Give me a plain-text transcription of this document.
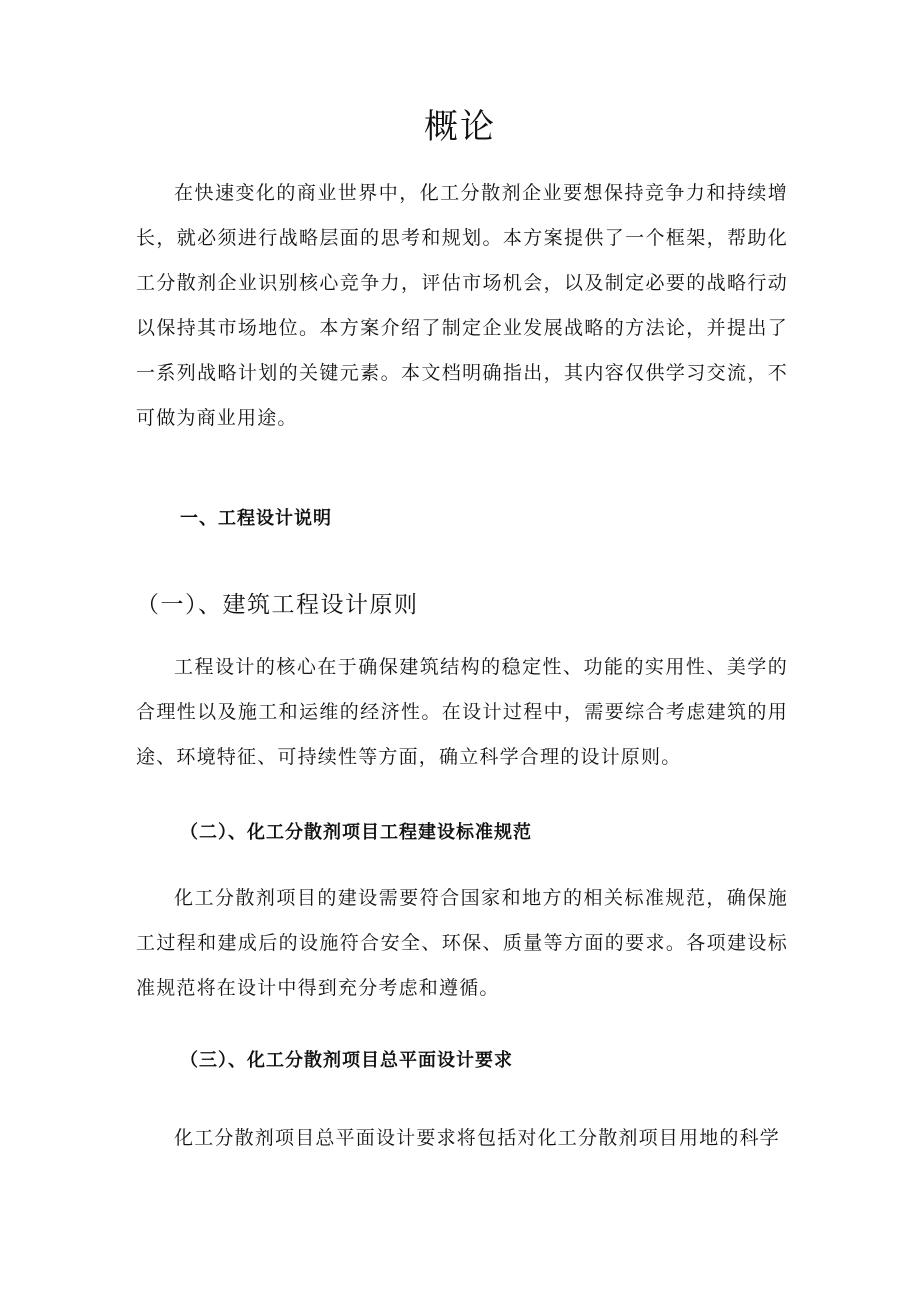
概论

在快速变化的商业世界中，化工分散剂企业要想保持竞争力和持续增长，就必须进行战略层面的思考和规划。本方案提供了一个框架，帮助化工分散剂企业识别核心竞争力，评估市场机会，以及制定必要的战略行动以保持其市场地位。本方案介绍了制定企业发展战略的方法论，并提出了一系列战略计划的关键元素。本文档明确指出，其内容仅供学习交流，不可做为商业用途。

一、工程设计说明
（一）、建筑工程设计原则

工程设计的核心在于确保建筑结构的稳定性、功能的实用性、美学的合理性以及施工和运维的经济性。在设计过程中，需要综合考虑建筑的用途、环境特征、可持续性等方面，确立科学合理的设计原则。

（二）、化工分散剂项目工程建设标准规范

化工分散剂项目的建设需要符合国家和地方的相关标准规范，确保施工过程和建成后的设施符合安全、环保、质量等方面的要求。各项建设标准规范将在设计中得到充分考虑和遵循。

（三）、化工分散剂项目总平面设计要求

化工分散剂项目总平面设计要求将包括对化工分散剂项目用地的科学
